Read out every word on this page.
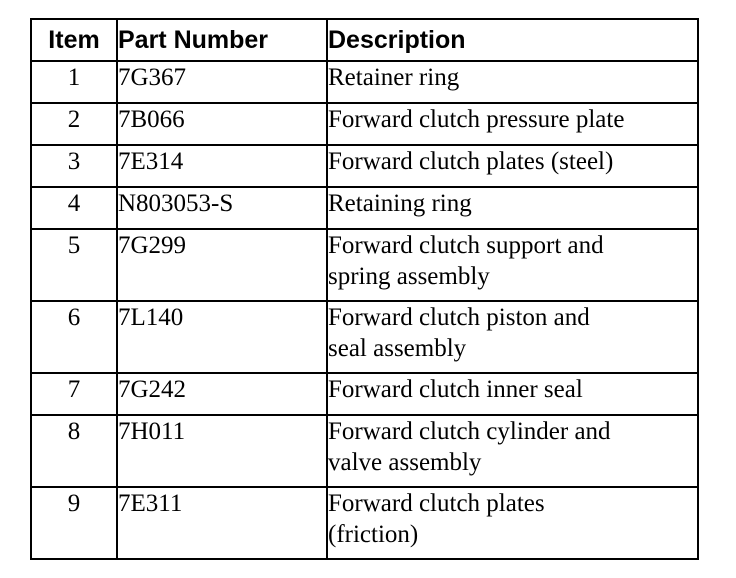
Item	Part Number	Description
1	7G367	Retainer ring

2	7B066	Forward clutch pressure plate

3	7E314	Forward clutch plates (steel)

4	N803053-S	Retaining ring

5	7G299	Forward clutch support and
spring assembly

6	7L140	Forward clutch piston and
seal assembly

7	7G242	Forward clutch inner seal

8	7H011	Forward clutch cylinder and
valve assembly

9	7E311	Forward clutch plates
(friction)
